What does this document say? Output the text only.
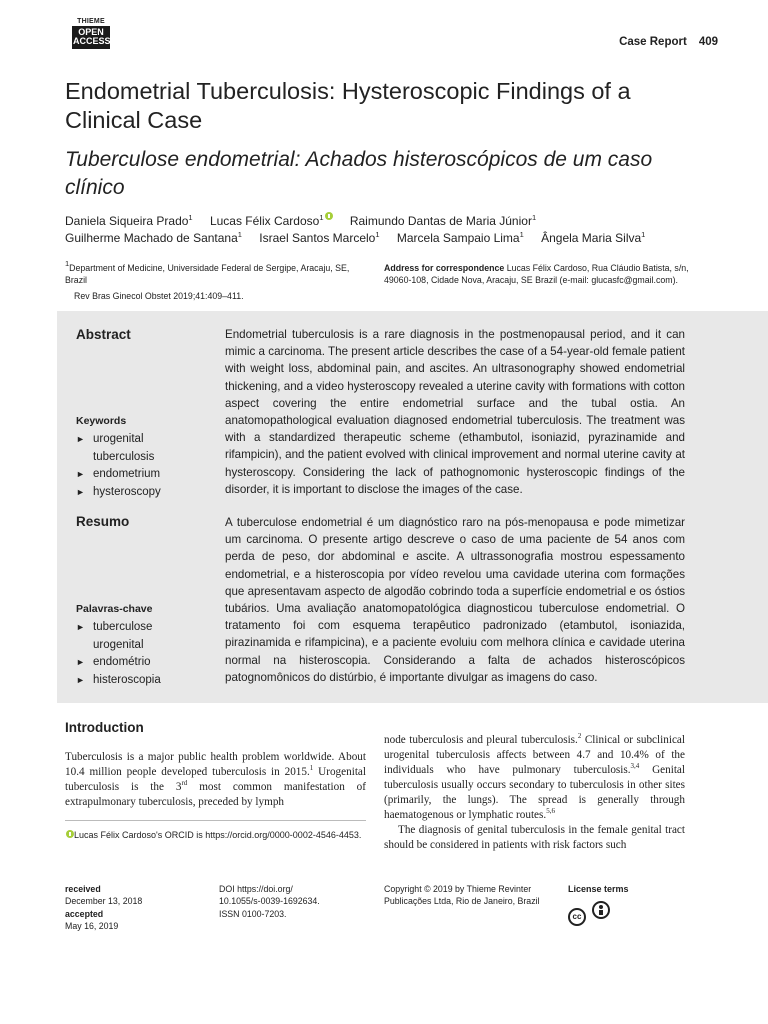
THIEME
OPEN
ACCESS	Case Report 409
Endometrial Tuberculosis: Hysteroscopic Findings of a Clinical Case
Tuberculose endometrial: Achados histeroscópicos de um caso clínico
Daniela Siqueira Prado$^1$ Lucas Félix Cardoso$^1$ Raimundo Dantas de Maria Júnior$^1$
Guilherme Machado de Santana$^1$ Israel Santos Marcelo$^1$ Marcela Sampaio Lima$^1$ Ângela Maria Silva$^1$
$^1$Department of Medicine, Universidade Federal de Sergipe, Aracaju, SE, Brazil
Rev Bras Ginecol Obstet 2019;41:409–411.
Address for correspondence Lucas Félix Cardoso, Rua Cláudio Batista, s/n, 49060-108, Cidade Nova, Aracaju, SE Brazil (e-mail: glucasfc@gmail.com).
Abstract	Endometrial tuberculosis is a rare diagnosis in the postmenopausal period, and it can mimic a carcinoma. The present article describes the case of a 54-year-old female patient with weight loss, abdominal pain, and ascites. An ultrasonography showed endometrial thickening, and a video hysteroscopy revealed a uterine cavity with formations with cotton aspect covering the entire endometrial surface and the tubal ostia. An anatomopathological evaluation diagnosed endometrial tuberculosis. The treatment was with a standardized therapeutic scheme (ethambutol, isoniazid, pyrazinamide and rifampicin), and the patient evolved with clinical improvement and normal uterine cavity at hysteroscopy. Considering the lack of pathognomonic hysteroscopic findings of the disorder, it is important to disclose the images of the case.
Keywords
► urogenital tuberculosis
► endometrium
► hysteroscopy
Resumo	A tuberculose endometrial é um diagnóstico raro na pós-menopausa e pode mimetizar um carcinoma. O presente artigo descreve o caso de uma paciente de 54 anos com perda de peso, dor abdominal e ascite. A ultrassonografia mostrou espessamento endometrial, e a histeroscopia por vídeo revelou uma cavidade uterina com formações que apresentavam aspecto de algodão cobrindo toda a superfície endometrial e os óstios tubários. Uma avaliação anatomopatológica diagnosticou tuberculose endometrial. O tratamento foi com esquema terapêutico padronizado (etambutol, isoniazida, pirazinamida e rifampicina), e a paciente evoluiu com melhora clínica e cavidade uterina normal na histeroscopia. Considerando a falta de achados histeroscópicos patognomônicos do distúrbio, é importante divulgar as imagens do caso.
Palavras-chave
► tuberculose urogenital
► endométrio
► histeroscopia
Introduction
Tuberculosis is a major public health problem worldwide. About 10.4 million people developed tuberculosis in 2015.$^1$ Urogenital tuberculosis is the 3rd most common manifestation of extrapulmonary tuberculosis, preceded by lymph
node tuberculosis and pleural tuberculosis.$^2$ Clinical or subclinical urogenital tuberculosis affects between 4.7 and 10.4% of the individuals who have pulmonary tuberculosis.$^{3,4}$ Genital tuberculosis usually occurs secondary to tuberculosis in other sites (primarily, the lungs). The spread is generally through haematogenous or lymphatic routes.$^{5,6}$
The diagnosis of genital tuberculosis in the female genital tract should be considered in patients with risk factors such
Lucas Félix Cardoso's ORCID is https://orcid.org/0000-0002-4546-4453.
received
December 13, 2018
accepted
May 16, 2019
DOI https://doi.org/
10.1055/s-0039-1692634.
ISSN 0100-7203.
Copyright © 2019 by Thieme Revinter Publicações Ltda, Rio de Janeiro, Brazil
License terms
cc
